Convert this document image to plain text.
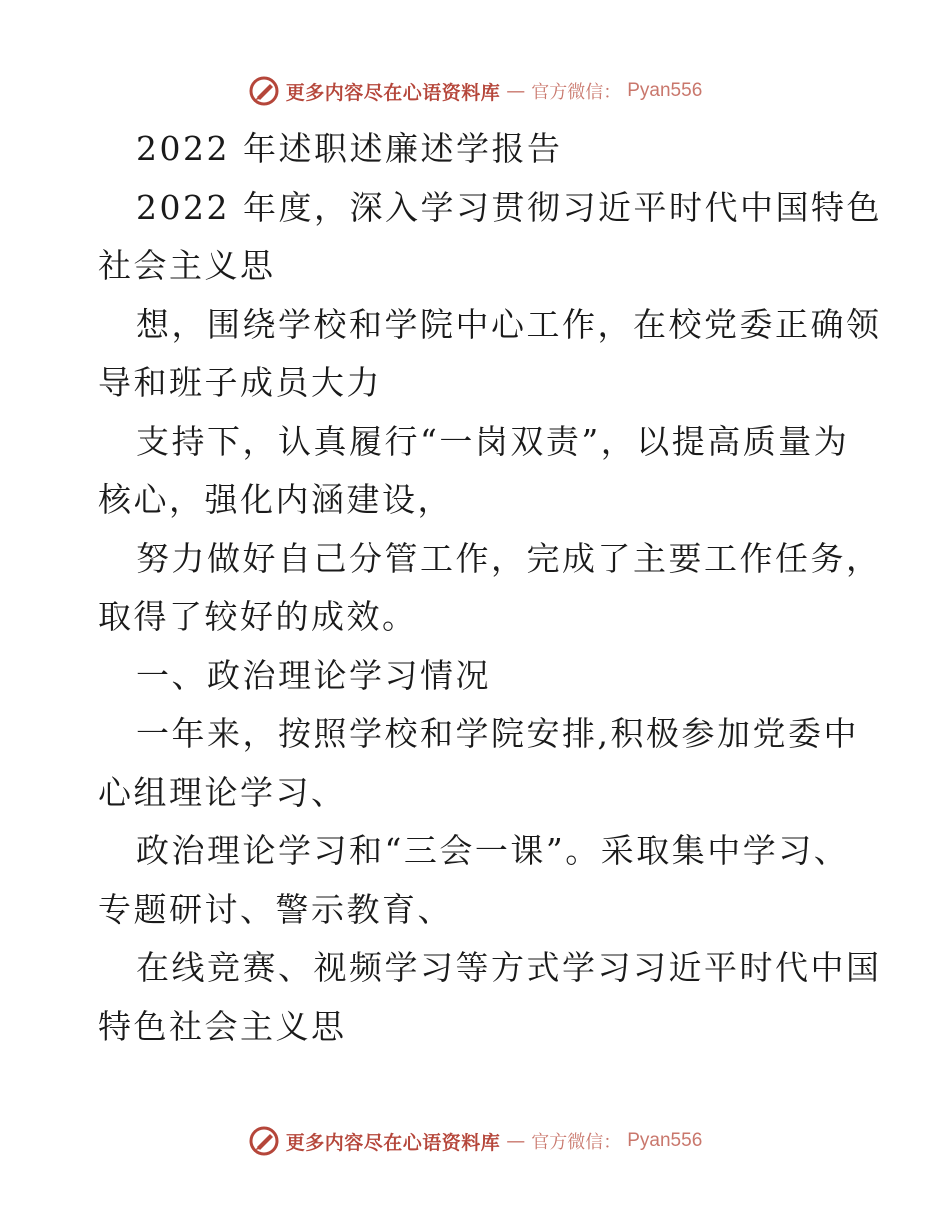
更多内容尽在心语资料库 — 官方微信： Pyan556
2022 年述职述廉述学报告
2022 年度，深入学习贯彻习近平时代中国特色
社会主义思
想，围绕学校和学院中心工作，在校党委正确领
导和班子成员大力
支持下，认真履行“一岗双责”，以提高质量为
核心，强化内涵建设，
努力做好自己分管工作，完成了主要工作任务，
取得了较好的成效。
一、政治理论学习情况
一年来，按照学校和学院安排,积极参加党委中
心组理论学习、
政治理论学习和“三会一课”。采取集中学习、
专题研讨、警示教育、
在线竞赛、视频学习等方式学习习近平时代中国
特色社会主义思
更多内容尽在心语资料库 — 官方微信： Pyan556
